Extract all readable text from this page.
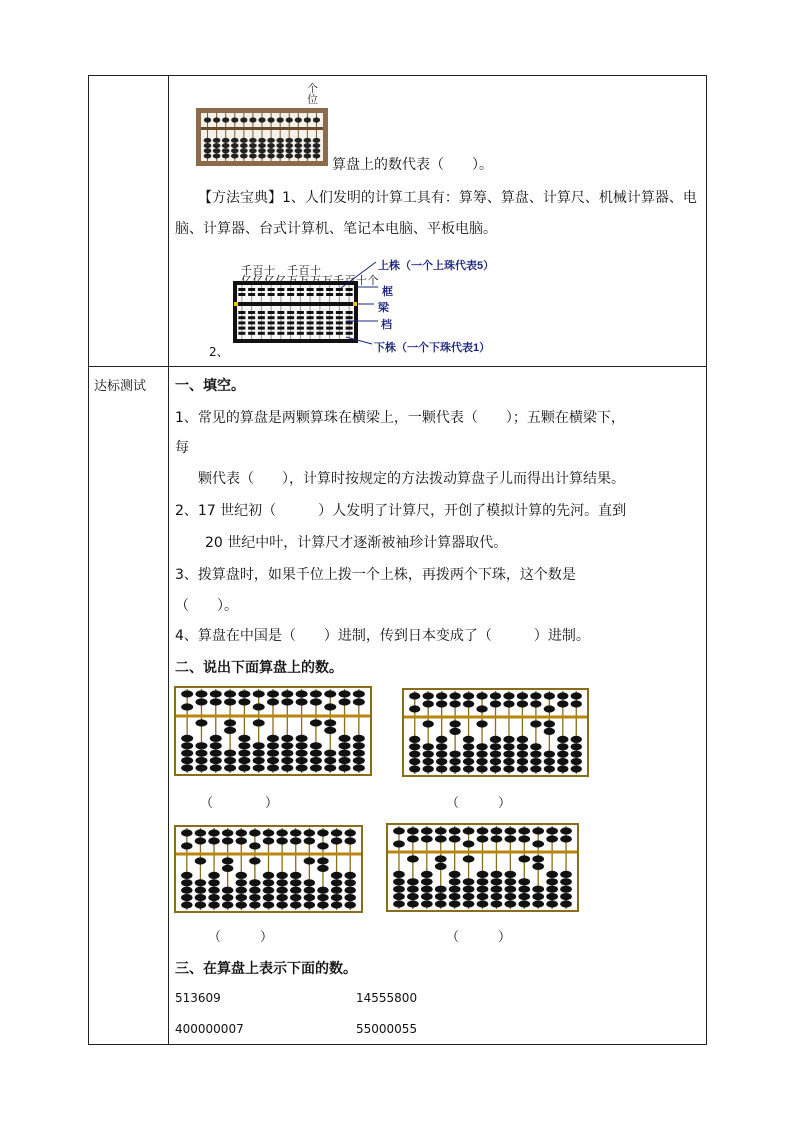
个位
算盘上的数代表（　　）。
【方法宝典】1、人们发明的计算工具有：算筹、算盘、计算尺、机械计算器、电
脑、计算器、台式计算机、笔记本电脑、平板电脑。
千百十　千百十
亿亿亿亿万万万万千百十个
上株（一个上珠代表5）
框
梁
档
下株（一个下珠代表1）
2、
达标测试 一、填空。
1、常见的算盘是两颗算珠在横梁上，一颗代表（　　）；五颗在横梁下，
每
颗代表（　　），计算时按规定的方法拨动算盘子儿而得出计算结果。
2、17 世纪初（　　　）人发明了计算尺，开创了模拟计算的先河。直到
20 世纪中叶，计算尺才逐渐被袖珍计算器取代。
3、拨算盘时，如果千位上拨一个上株，再拨两个下珠，这个数是
（　　）。
4、算盘在中国是（　　）进制，传到日本变成了（　　　）进制。
二、说出下面算盘上的数。
（　　　　）	（　　　）
（　　　）	（　　　）
三、在算盘上表示下面的数。
513609	14555800
400000007	55000055
